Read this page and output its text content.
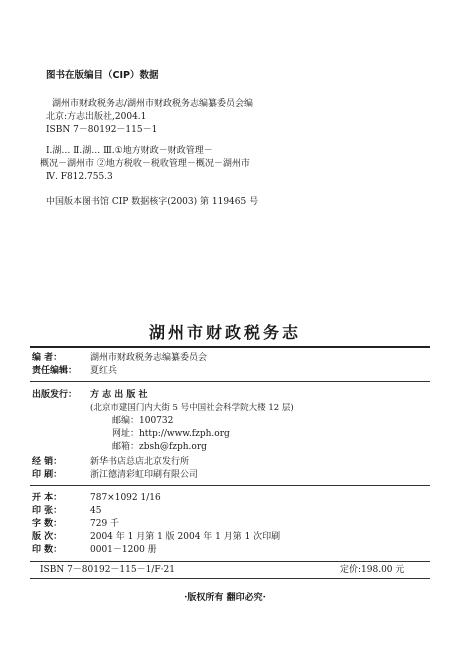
图书在版编目（CIP）数据
湖州市财政税务志/湖州市财政税务志编纂委员会编
北京:方志出版社,2004.1
ISBN 7－80192－115－1
Ⅰ.湖… Ⅱ.湖… Ⅲ.①地方财政－财政管理－
概况－湖州市 ②地方税收－税收管理－概况－湖州市
Ⅳ. F812.755.3
中国版本图书馆 CIP 数据核字(2003) 第 119465 号
湖州市财政税务志
编 者：	湖州市财政税务志编纂委员会
责任编辑： 夏红兵
出版发行： 方 志 出 版 社
(北京市建国门内大街 5 号中国社会科学院大楼 12 层)
邮编：100732
网址：http://www.fzph.org
邮箱：zbsh@fzph.org
经 销：	新华书店总店北京发行所
印 刷：	浙江德清彩虹印刷有限公司
开 本：	787×1092 1/16
印 张：	45
字 数：	729 千
版 次：	2004 年 1 月第 1 版 2004 年 1 月第 1 次印刷
印 数：	0001－1200 册
ISBN 7－80192－115－1/F·21	定价:198.00 元
·版权所有 翻印必究·
